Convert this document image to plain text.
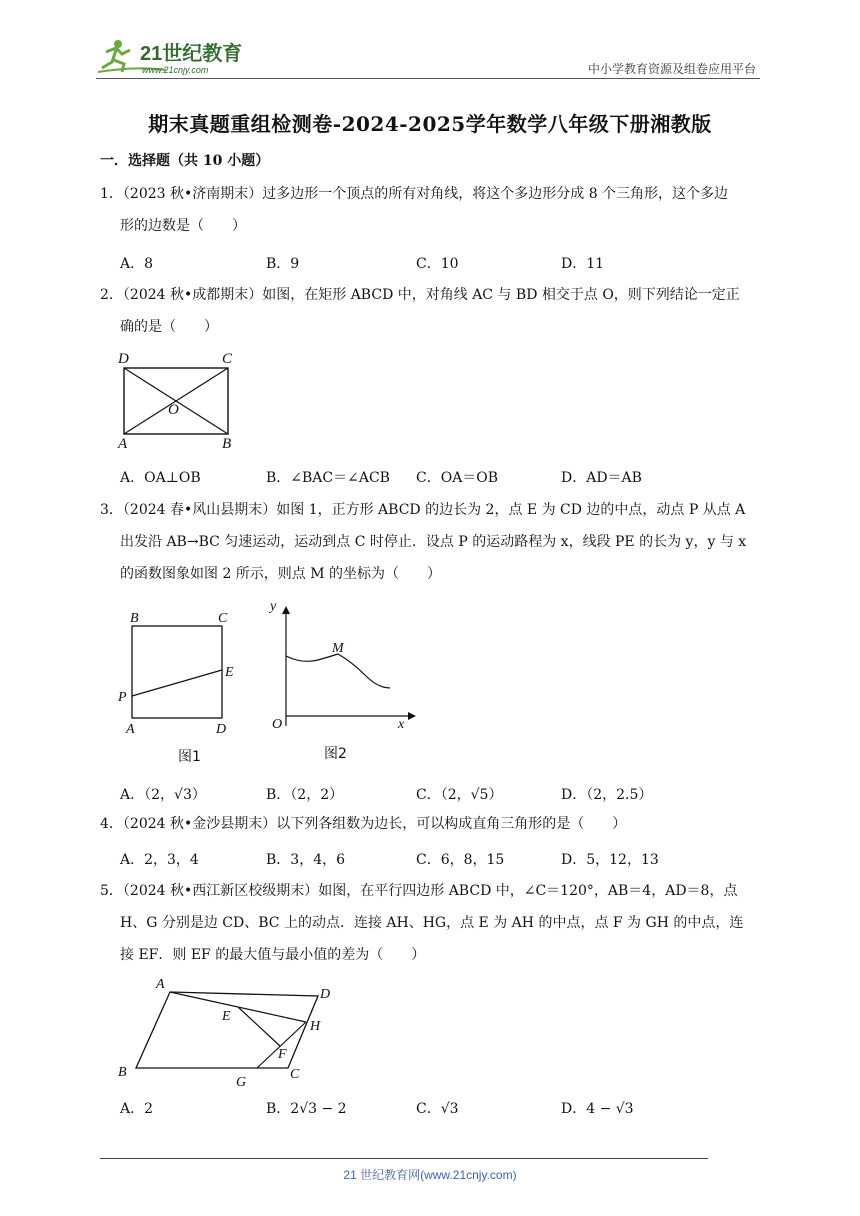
21世纪教育
www.21cnjy.com	中小学教育资源及组卷应用平台
期末真题重组检测卷-2024-2025学年数学八年级下册湘教版
一．选择题（共 10 小题）
1．（2023 秋•济南期末）过多边形一个顶点的所有对角线，将这个多边形分成 8 个三角形，这个多边
形的边数是（　　）
A．8	B．9	C．10	D．11
2．（2024 秋•成都期末）如图，在矩形 ABCD 中，对角线 AC 与 BD 相交于点 O，则下列结论一定正
确的是（　　）
D	C
O
A	B
A．OA⊥OB	B．∠BAC＝∠ACB C．OA＝OB	D．AD＝AB
3．（2024 春•风山县期末）如图 1，正方形 ABCD 的边长为 2，点 E 为 CD 边的中点，动点 P 从点 A
出发沿 AB→BC 匀速运动，运动到点 C 时停止．设点 P 的运动路程为 x，线段 PE 的长为 y，y 与 x
的函数图象如图 2 所示，则点 M 的坐标为（　　）
B	C
E
P
A	D
图1
y
M
O	x
图2
A．（2，√3）	B．（2，2）	C．（2，√5）	D．（2，2.5）
4．（2024 秋•金沙县期末）以下列各组数为边长，可以构成直角三角形的是（　　）
A．2，3，4	B．3，4，6	C．6，8，15	D．5，12，13
5．（2024 秋•西江新区校级期末）如图，在平行四边形 ABCD 中，∠C＝120°，AB＝4，AD＝8，点
H、G 分别是边 CD、BC 上的动点．连接 AH、HG，点 E 为 AH 的中点，点 F 为 GH 的中点，连
接 EF．则 EF 的最大值与最小值的差为（　　）
A
D
E
H
F
B
G
C
A．2	B．2√3 − 2	C．√3	D．4 − √3
21 世纪教育网(www.21cnjy.com)
